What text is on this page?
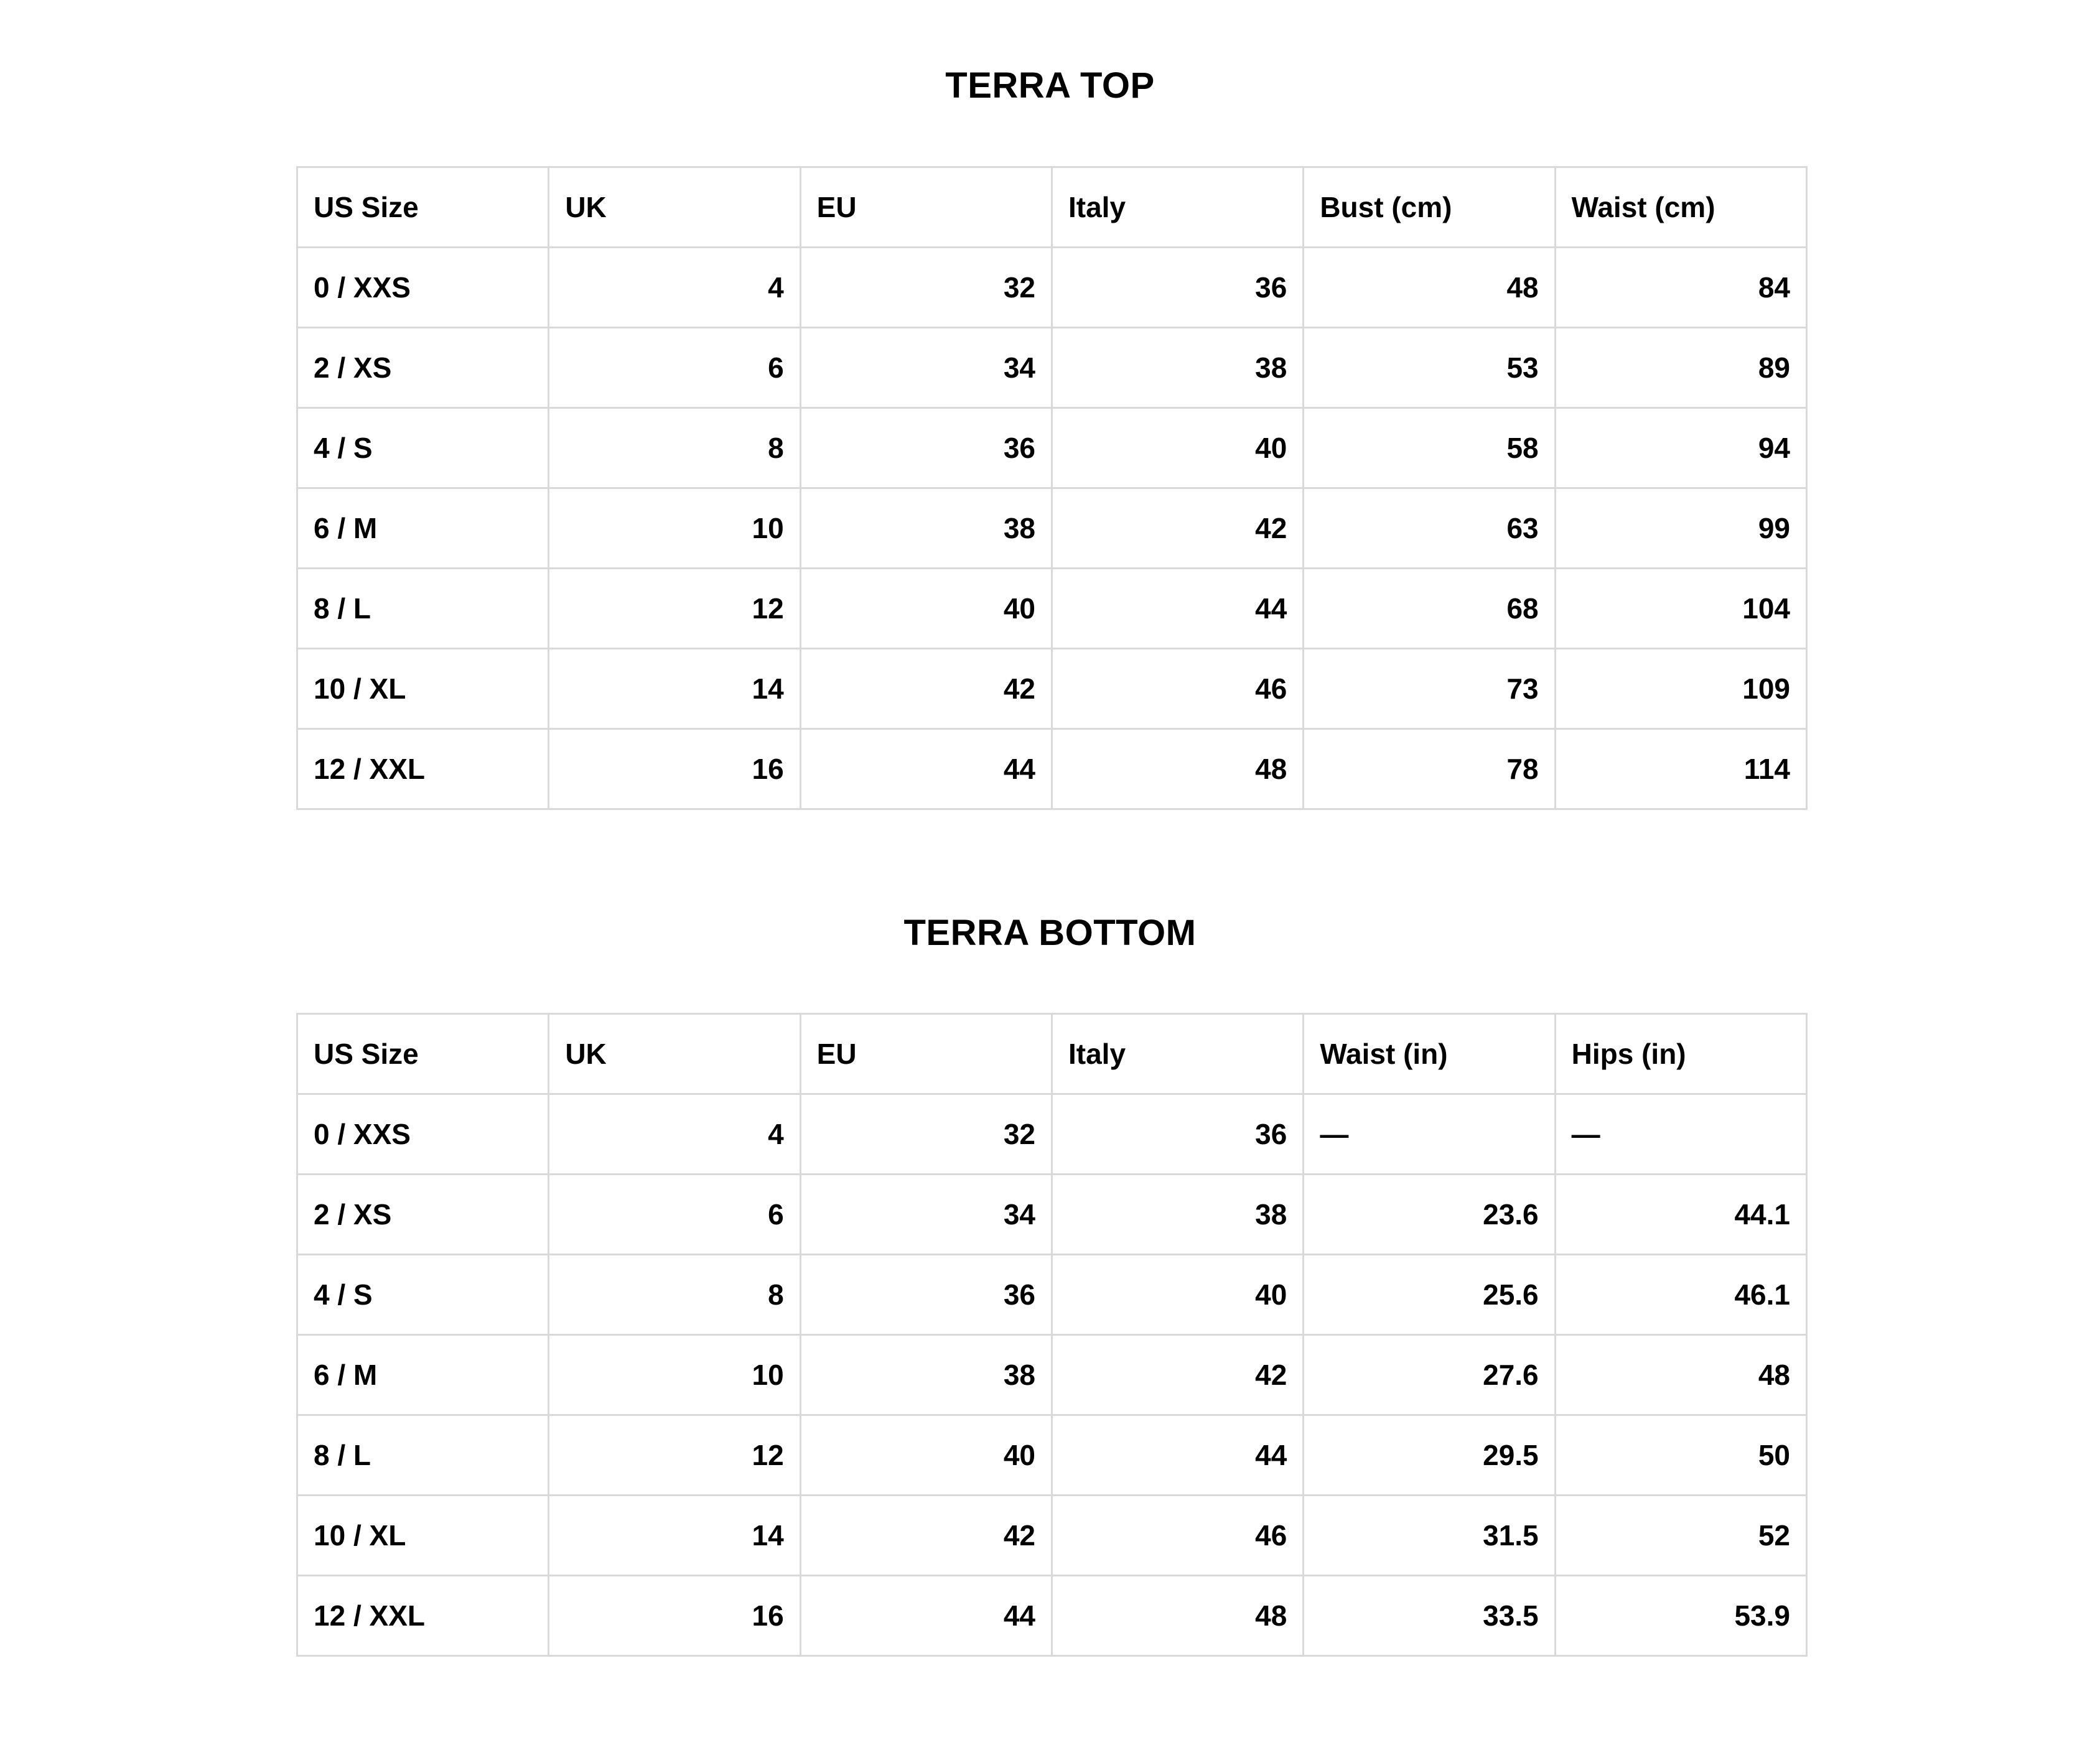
TERRA TOP
US Size	UK	EU	Italy	Bust (cm)	Waist (cm)
0 / XXS	4	32	36	48	84
2 / XS	6	34	38	53	89
4 / S	8	36	40	58	94
6 / M	10	38	42	63	99
8 / L	12	40	44	68	104
10 / XL	14	42	46	73	109
12 / XXL	16	44	48	78	114
TERRA BOTTOM
US Size	UK	EU	Italy	Waist (in)	Hips (in)
0 / XXS	4	32	36	—	—
2 / XS	6	34	38	23.6	44.1
4 / S	8	36	40	25.6	46.1
6 / M	10	38	42	27.6	48
8 / L	12	40	44	29.5	50
10 / XL	14	42	46	31.5	52
12 / XXL	16	44	48	33.5	53.9
